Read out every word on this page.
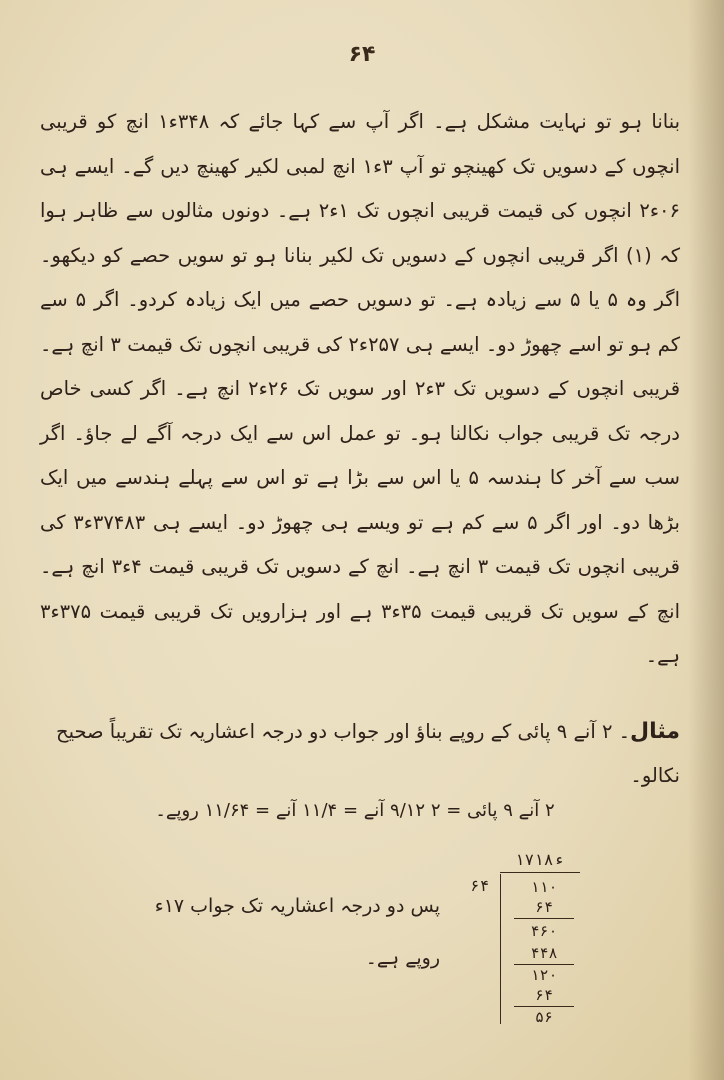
۶۴

بنانا ہو تو نہایت مشکل ہے۔ اگر آپ سے کہا جائے کہ ۳۴۸ء۱ انچ کو قریبی انچوں کے دسویں تک کھینچو تو آپ ۳ء۱ انچ لمبی لکیر کھینچ دیں گے۔ ایسے ہی ۰۶ء۲ انچوں کی قیمت قریبی انچوں تک ۱ء۲ ہے۔ دونوں مثالوں سے ظاہر ہوا کہ (۱) اگر قریبی انچوں کے دسویں تک لکیر بنانا ہو تو سویں حصے کو دیکھو۔ اگر وہ ۵ یا ۵ سے زیادہ ہے۔ تو دسویں حصے میں ایک زیادہ کردو۔ اگر ۵ سے کم ہو تو اسے چھوڑ دو۔ ایسے ہی ۲۵۷ء۲ کی قریبی انچوں تک قیمت ۳ انچ ہے۔ قریبی انچوں کے دسویں تک ۳ء۲ اور سویں تک ۲۶ء۲ انچ ہے۔ اگر کسی خاص درجہ تک قریبی جواب نکالنا ہو۔ تو عمل اس سے ایک درجہ آگے لے جاؤ۔ اگر سب سے آخر کا ہندسہ ۵ یا اس سے بڑا ہے تو اس سے پہلے ہندسے میں ایک بڑھا دو۔ اور اگر ۵ سے کم ہے تو ویسے ہی چھوڑ دو۔ ایسے ہی ۳۷۴۸۳ء۳ کی قریبی انچوں تک قیمت ۳ انچ ہے۔ انچ کے دسویں تک قریبی قیمت ۴ء۳ انچ ہے۔ انچ کے سویں تک قریبی قیمت ۳۵ء۳ ہے اور ہزارویں تک قریبی قیمت ۳۷۵ء۳ ہے۔

مثال۔ ۲ آنے ۹ پائی کے روپے بناؤ اور جواب دو درجہ اعشاریہ تک تقریباً صحیح نکالو۔

۲ آنے ۹ پائی = ۲ ۹/۱۲ آنے = ۱۱/۴ آنے = ۱۱/۶۴ روپے۔

پس دو درجہ اعشاریہ تک جواب ۱۷ء

روپے ہے۔

۱۷۱۸ء
۶۴	۱۱۰
۶۴
۴۶۰
۴۴۸
۱۲۰
۶۴
۵۶
